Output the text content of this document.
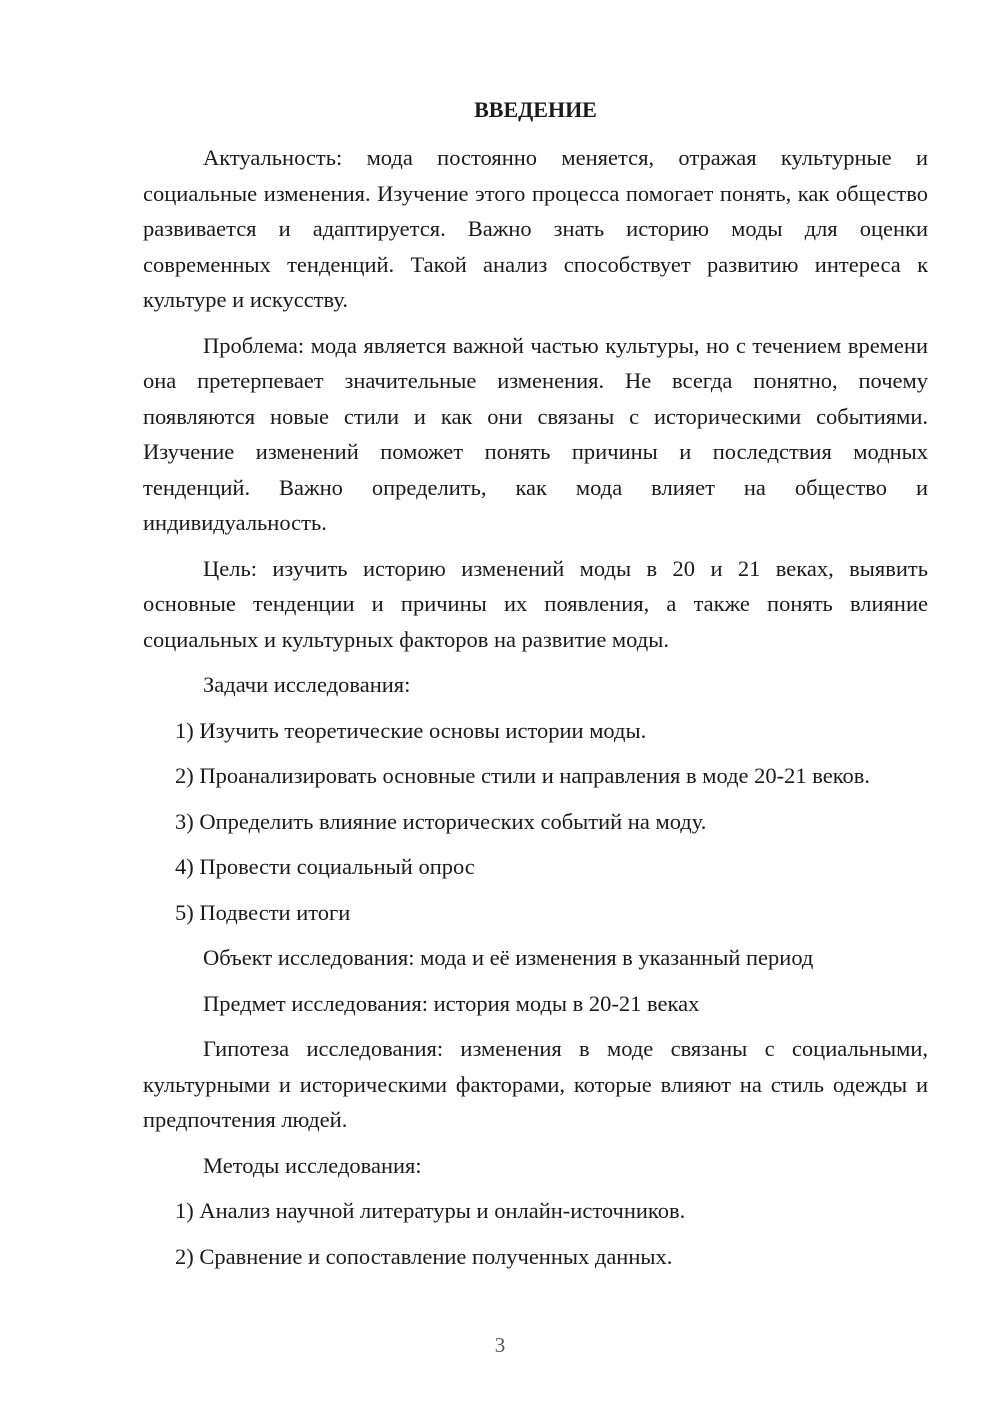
ВВЕДЕНИЕ

Актуальность: мода постоянно меняется, отражая культурные и социальные изменения. Изучение этого процесса помогает понять, как общество развивается и адаптируется. Важно знать историю моды для оценки современных тенденций. Такой анализ способствует развитию интереса к культуре и искусству.

Проблема: мода является важной частью культуры, но с течением времени она претерпевает значительные изменения. Не всегда понятно, почему появляются новые стили и как они связаны с историческими событиями. Изучение изменений поможет понять причины и последствия модных тенденций. Важно определить, как мода влияет на общество и индивидуальность.

Цель: изучить историю изменений моды в 20 и 21 веках, выявить основные тенденции и причины их появления, а также понять влияние социальных и культурных факторов на развитие моды.

Задачи исследования:

1) Изучить теоретические основы истории моды.

2) Проанализировать основные стили и направления в моде 20-21 веков.

3) Определить влияние исторических событий на моду.

4) Провести социальный опрос

5) Подвести итоги

Объект исследования: мода и её изменения в указанный период

Предмет исследования: история моды в 20-21 веках

Гипотеза исследования: изменения в моде связаны с социальными, культурными и историческими факторами, которые влияют на стиль одежды и предпочтения людей.

Методы исследования:

1) Анализ научной литературы и онлайн-источников.

2) Сравнение и сопоставление полученных данных.

3
